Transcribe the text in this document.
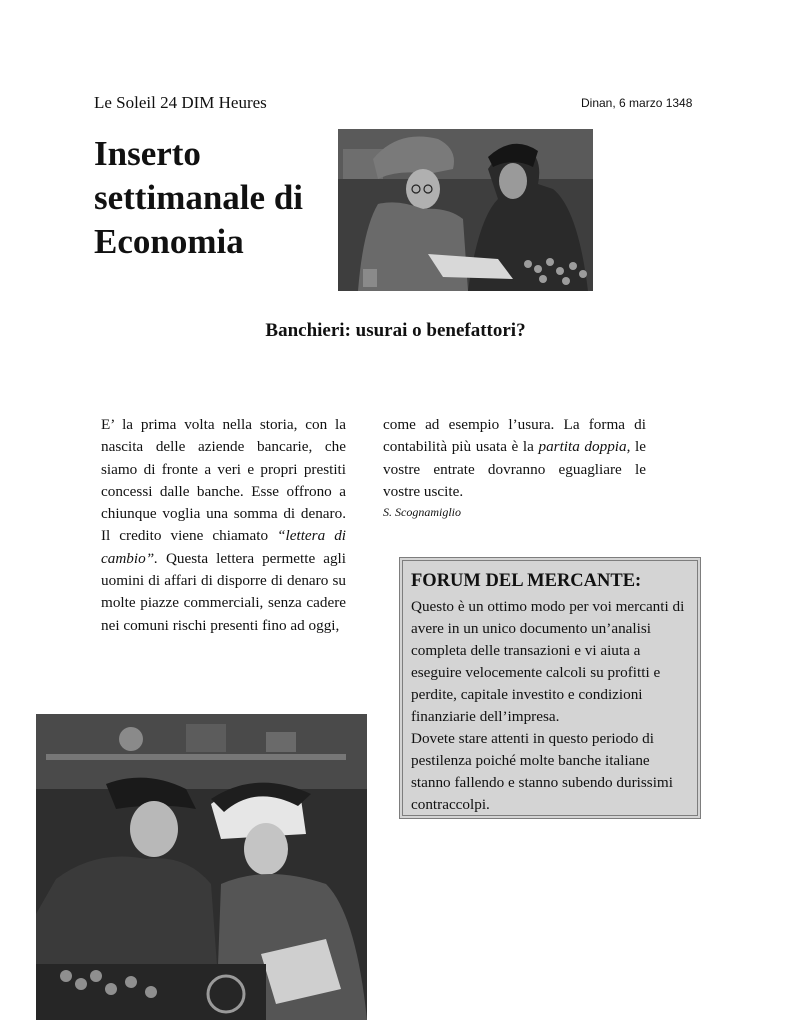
Le Soleil 24 DIM Heures	Dinan, 6 marzo 1348
Inserto
settimanale di
Economia
Banchieri: usurai o benefattori?
E’ la prima volta nella storia, con la nascita delle aziende bancarie, che siamo di fronte a veri e propri prestiti concessi dalle banche. Esse offrono a chiunque voglia una somma di denaro. Il credito viene chiamato “lettera di cambio”. Questa lettera permette agli uomini di affari di disporre di denaro su molte piazze commerciali, senza cadere nei comuni rischi presenti fino ad oggi,
come ad esempio l’usura. La forma di contabilità più usata è la partita doppia, le vostre entrate dovranno eguagliare le vostre uscite.
S. Scognamiglio
FORUM DEL MERCANTE:
Questo è un ottimo modo per voi mercanti di avere in un unico documento un’analisi completa delle transazioni e vi aiuta a eseguire velocemente calcoli su profitti e perdite, capitale investito e condizioni finanziarie dell’impresa.
Dovete stare attenti in questo periodo di pestilenza poiché molte banche italiane stanno fallendo e stanno subendo durissimi contraccolpi.
